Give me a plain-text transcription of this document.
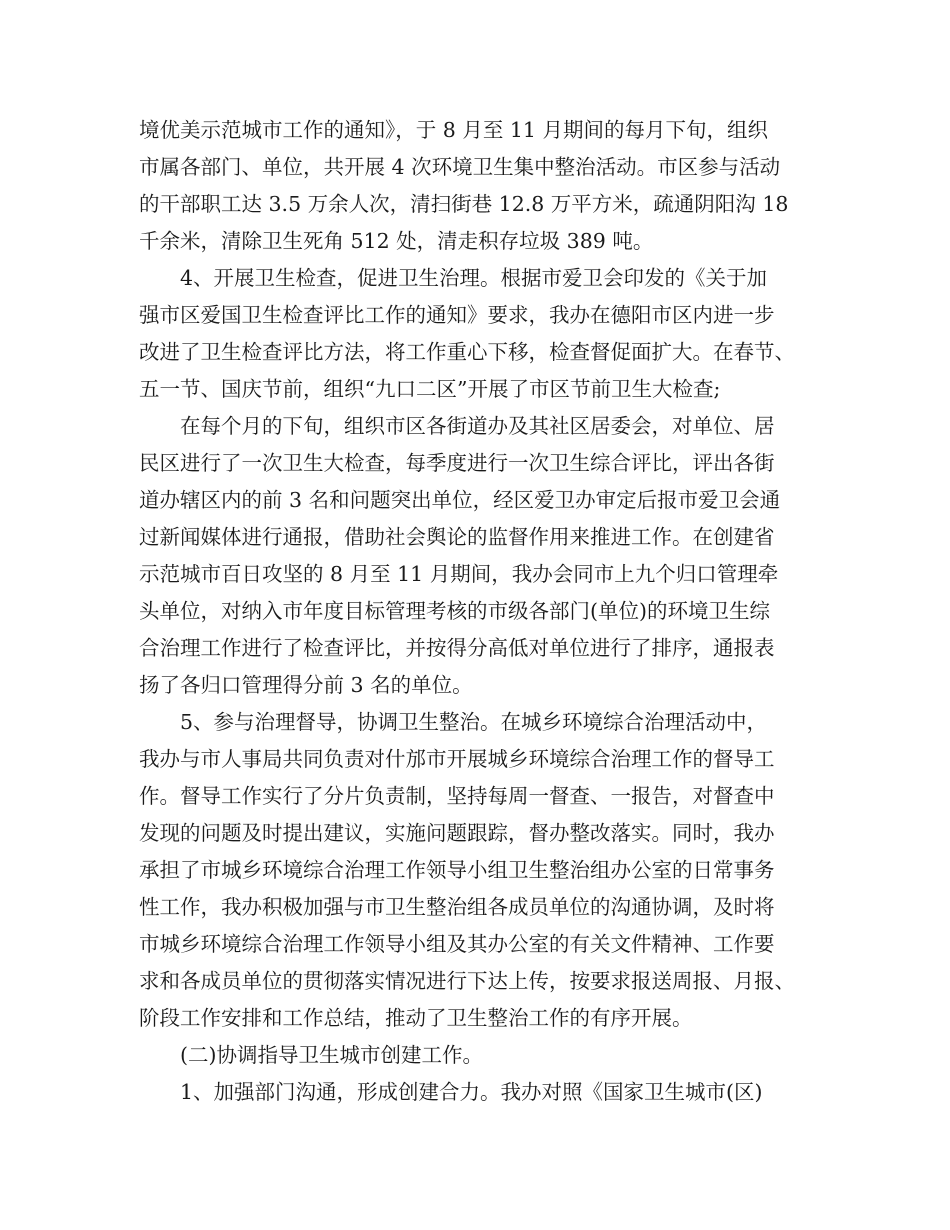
境优美示范城市工作的通知》，于 8 月至 11 月期间的每月下旬，组织
市属各部门、单位，共开展 4 次环境卫生集中整治活动。市区参与活动
的干部职工达 3.5 万余人次，清扫街巷 12.8 万平方米，疏通阴阳沟 18
千余米，清除卫生死角 512 处，清走积存垃圾 389 吨。
4、开展卫生检查，促进卫生治理。根据市爱卫会印发的《关于加
强市区爱国卫生检查评比工作的通知》要求，我办在德阳市区内进一步
改进了卫生检查评比方法，将工作重心下移，检查督促面扩大。在春节、
五一节、国庆节前，组织“九口二区”开展了市区节前卫生大检查;
在每个月的下旬，组织市区各街道办及其社区居委会，对单位、居
民区进行了一次卫生大检查，每季度进行一次卫生综合评比，评出各街
道办辖区内的前 3 名和问题突出单位，经区爱卫办审定后报市爱卫会通
过新闻媒体进行通报，借助社会舆论的监督作用来推进工作。在创建省
示范城市百日攻坚的 8 月至 11 月期间，我办会同市上九个归口管理牵
头单位，对纳入市年度目标管理考核的市级各部门(单位)的环境卫生综
合治理工作进行了检查评比，并按得分高低对单位进行了排序，通报表
扬了各归口管理得分前 3 名的单位。
5、参与治理督导，协调卫生整治。在城乡环境综合治理活动中，
我办与市人事局共同负责对什邡市开展城乡环境综合治理工作的督导工
作。督导工作实行了分片负责制，坚持每周一督查、一报告，对督查中
发现的问题及时提出建议，实施问题跟踪，督办整改落实。同时，我办
承担了市城乡环境综合治理工作领导小组卫生整治组办公室的日常事务
性工作，我办积极加强与市卫生整治组各成员单位的沟通协调，及时将
市城乡环境综合治理工作领导小组及其办公室的有关文件精神、工作要
求和各成员单位的贯彻落实情况进行下达上传，按要求报送周报、月报、
阶段工作安排和工作总结，推动了卫生整治工作的有序开展。
(二)协调指导卫生城市创建工作。
1、加强部门沟通，形成创建合力。我办对照《国家卫生城市(区)
